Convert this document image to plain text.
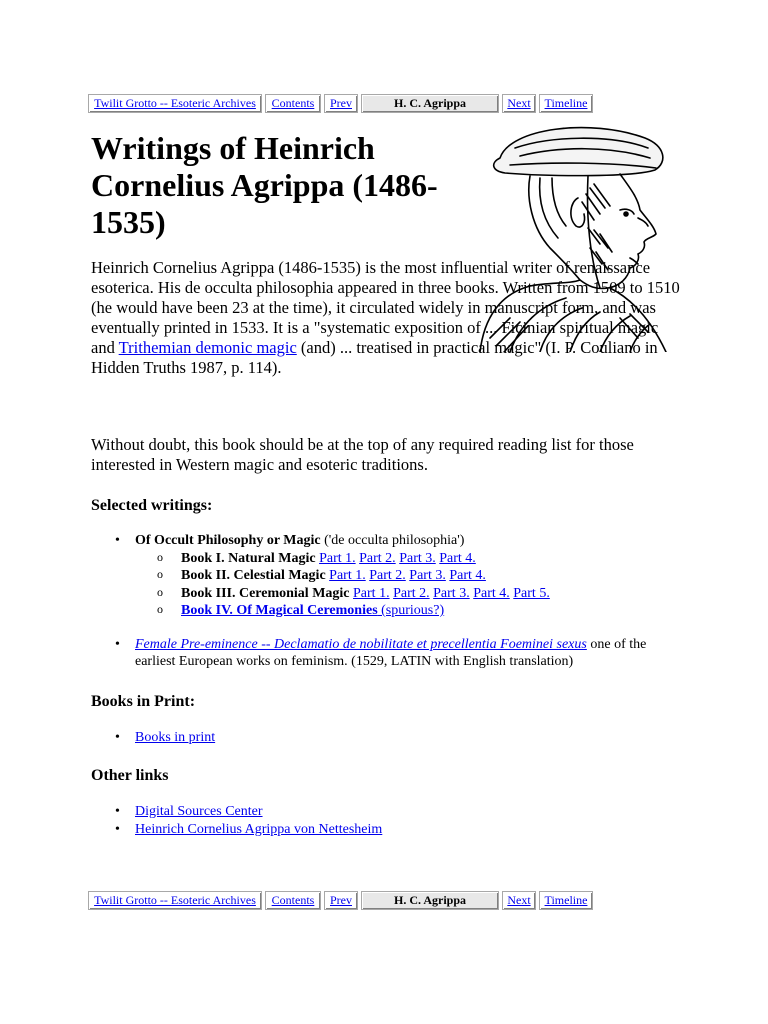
Twilit Grotto -- Esoteric Archives Contents Prev	H. C. Agrippa	Next Timeline
Writings of Heinrich Cornelius Agrippa (1486-1535)

Heinrich Cornelius Agrippa (1486-1535) is the most influential writer of renaissance esoterica. His de occulta philosophia appeared in three books. Written from 1509 to 1510 (he would have been 23 at the time), it circulated widely in manuscript form, and was eventually printed in 1533. It is a "systematic exposition of ... Ficinian spiritual magic and Trithemian demonic magic (and) ... treatised in practical magic" (I. P. Couliano in Hidden Truths 1987, p. 114).

Without doubt, this book should be at the top of any required reading list for those interested in Western magic and esoteric traditions.

Selected writings:
• Of Occult Philosophy or Magic ('de occulta philosophia')
o Book I. Natural Magic Part 1. Part 2. Part 3. Part 4.
o Book II. Celestial Magic Part 1. Part 2. Part 3. Part 4.
o Book III. Ceremonial Magic Part 1. Part 2. Part 3. Part 4. Part 5.
o Book IV. Of Magical Ceremonies (spurious?)
• Female Pre-eminence -- Declamatio de nobilitate et precellentia Foeminei sexus one of the earliest European works on feminism. (1529, LATIN with English translation)
Books in Print:
• Books in print
Other links
• Digital Sources Center
• Heinrich Cornelius Agrippa von Nettesheim
Twilit Grotto -- Esoteric Archives Contents Prev	H. C. Agrippa	Next Timeline
